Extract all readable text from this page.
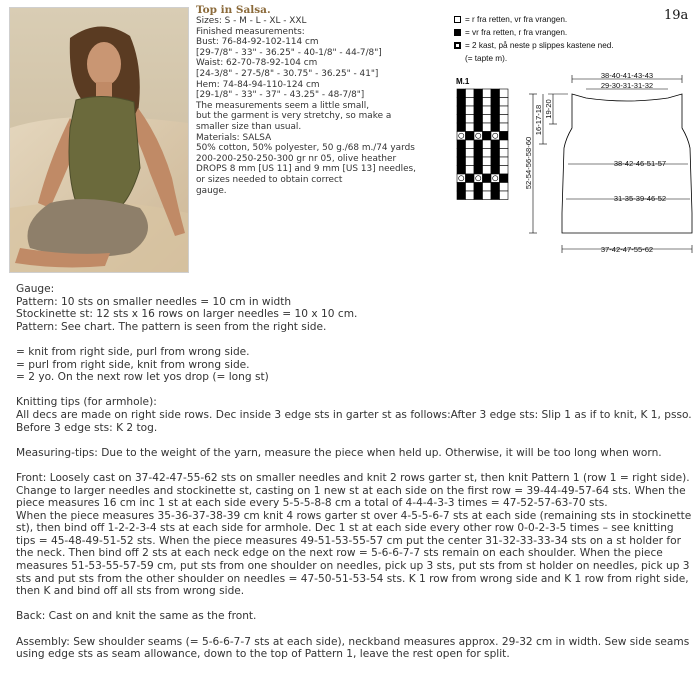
Top in Salsa.
Sizes: S - M - L - XL - XXL
Finished measurements:
Bust: 76-84-92-102-114 cm
[29-7/8" - 33" - 36.25" - 40-1/8" - 44-7/8"]
Waist: 62-70-78-92-104 cm
[24-3/8" - 27-5/8" - 30.75" - 36.25" - 41"]
Hem: 74-84-94-110-124 cm
[29-1/8" - 33" - 37" - 43.25" - 48-7/8"]
The measurements seem a little small,
but the garment is very stretchy, so make a
smaller size than usual.
Materials: SALSA
50% cotton, 50% polyester, 50 g./68 m./74 yards
200-200-250-250-300 gr nr 05, olive heather
DROPS 8 mm [US 11] and 9 mm [US 13] needles,
or sizes needed to obtain correct
gauge.
= r fra retten, vr fra vrangen.
= vr fra retten, r fra vrangen.
= 2 kast, på neste p slippes kastene ned.
(= tapte m).
19a
M.1
38-40-41-43-43
29-30-31-31-32
38-42-46-51-57
31-35-39-46-52
37-42-47-55-62
52-54-56-58-60
16-17-18 19-20

Gauge:

Pattern: 10 sts on smaller needles = 10 cm in width

Stockinette st: 12 sts x 16 rows on larger needles = 10 x 10 cm.

Pattern: See chart. The pattern is seen from the right side.

= knit from right side, purl from wrong side.

= purl from right side, knit from wrong side.

= 2 yo. On the next row let yos drop (= long st)

Knitting tips (for armhole):

All decs are made on right side rows. Dec inside 3 edge sts in garter st as follows:After 3 edge sts: Slip 1 as if to knit, K 1, psso. Before 3 edge sts: K 2 tog.

Measuring-tips: Due to the weight of the yarn, measure the piece when held up. Otherwise, it will be too long when worn.

Front: Loosely cast on 37-42-47-55-62 sts on smaller needles and knit 2 rows garter st, then knit Pattern 1 (row 1 = right side). Change to larger needles and stockinette st, casting on 1 new st at each side on the first row = 39-44-49-57-64 sts. When the piece measures 16 cm inc 1 st at each side every 5-5-5-8-8 cm a total of 4-4-4-3-3 times = 47-52-57-63-70 sts.

When the piece measures 35-36-37-38-39 cm knit 4 rows garter st over 4-5-5-6-7 sts at each side (remaining sts in stockinette st), then bind off 1-2-2-3-4 sts at each side for armhole. Dec 1 st at each side every other row 0-0-2-3-5 times – see knitting tips = 45-48-49-51-52 sts. When the piece measures 49-51-53-55-57 cm put the center 31-32-33-33-34 sts on a st holder for the neck. Then bind off 2 sts at each neck edge on the next row = 5-6-6-7-7 sts remain on each shoulder. When the piece measures 51-53-55-57-59 cm, put sts from one shoulder on needles, pick up 3 sts, put sts from st holder on needles, pick up 3 sts and put sts from the other shoulder on needles = 47-50-51-53-54 sts. K 1 row from wrong side and K 1 row from right side, then K and bind off all sts from wrong side.

Back: Cast on and knit the same as the front.

Assembly: Sew shoulder seams (= 5-6-6-7-7 sts at each side), neckband measures approx. 29-32 cm in width. Sew side seams using edge sts as seam allowance, down to the top of Pattern 1, leave the rest open for split.
